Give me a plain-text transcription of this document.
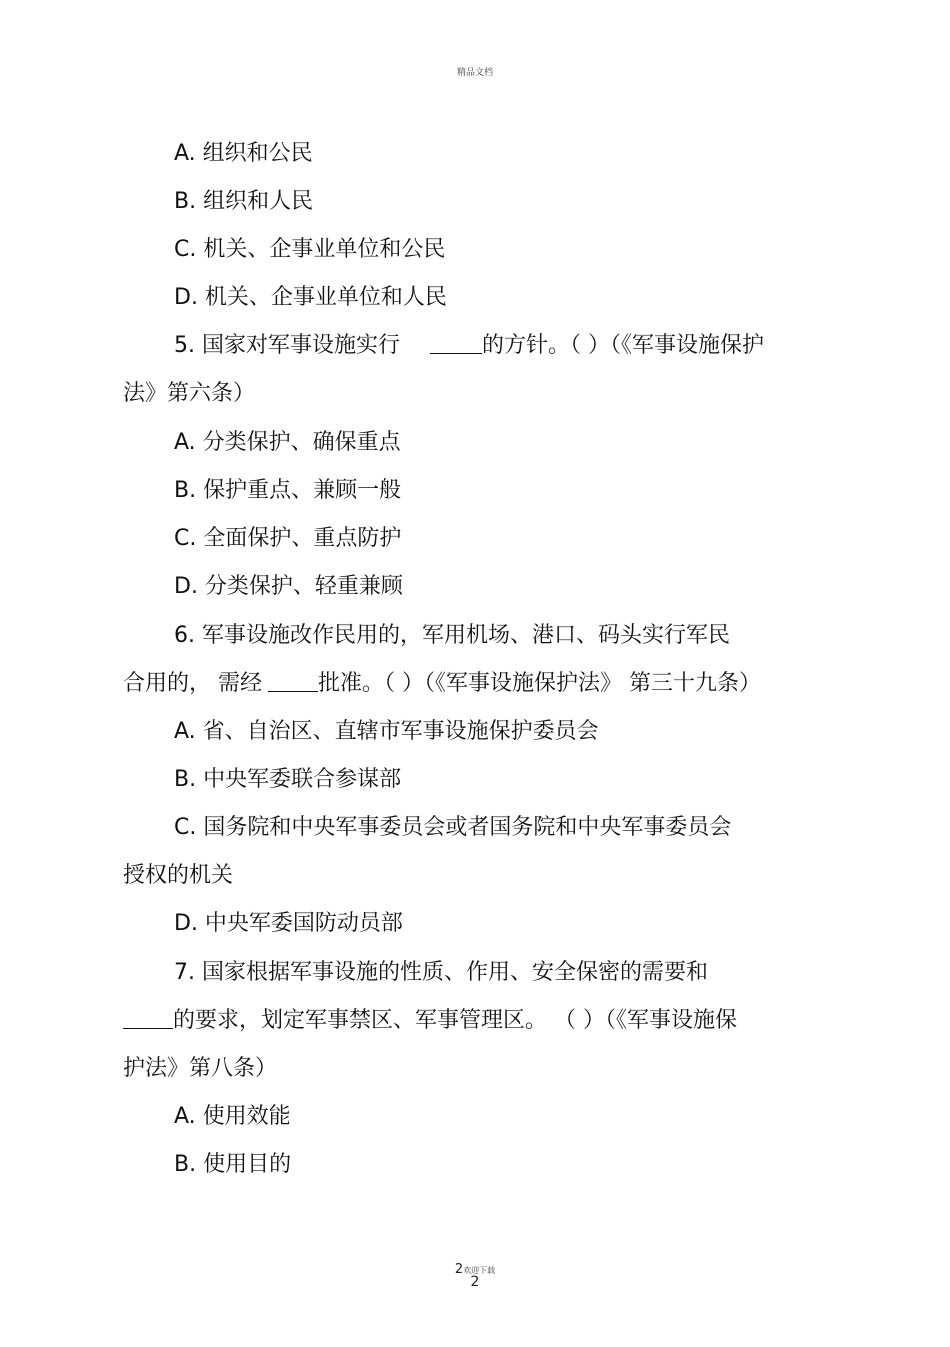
精品文档
A. 组织和公民
B. 组织和人民
C. 机关、企事业单位和公民
D. 机关、企事业单位和人民
5. 国家对军事设施实行	的方针。（ ）（《军事设施保护
法》第六条）
A. 分类保护、确保重点
B. 保护重点、兼顾一般
C. 全面保护、重点防护
D. 分类保护、轻重兼顾
6. 军事设施改作民用的，军用机场、港口、码头实行军民
合用的， 需经	批准。（ ）（《军事设施保护法》 第三十九条）
A. 省、自治区、直辖市军事设施保护委员会
B. 中央军委联合参谋部
C. 国务院和中央军事委员会或者国务院和中央军事委员会
授权的机关
D. 中央军委国防动员部
7. 国家根据军事设施的性质、作用、安全保密的需要和
的要求，划定军事禁区、军事管理区。 （ ）（《军事设施保
护法》第八条）
A. 使用效能
B. 使用目的
2欢迎下载
2
